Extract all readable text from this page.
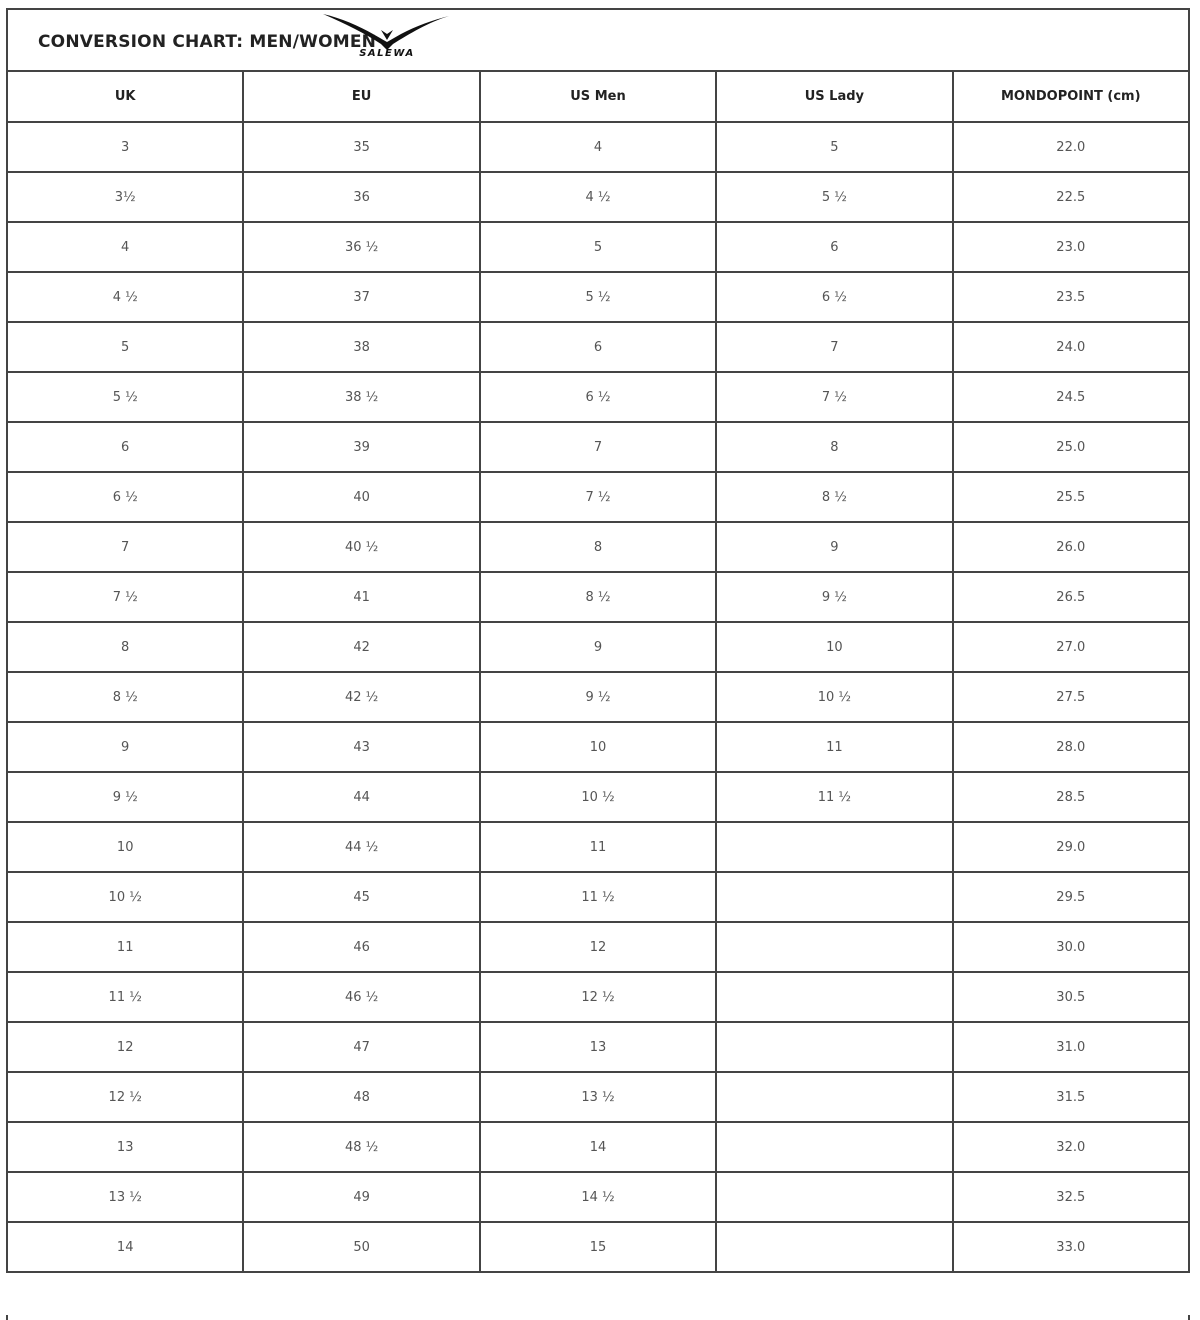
CONVERSION CHART: MEN/WOMEN
SALEWA
UK	EU	US Men	US Lady	MONDOPOINT (cm)
3	35	4	5	22.0
3½	36	4 ½	5 ½	22.5
4	36 ½	5	6	23.0
4 ½	37	5 ½	6 ½	23.5
5	38	6	7	24.0
5 ½	38 ½	6 ½	7 ½	24.5
6	39	7	8	25.0
6 ½	40	7 ½	8 ½	25.5
7	40 ½	8	9	26.0
7 ½	41	8 ½	9 ½	26.5
8	42	9	10	27.0
8 ½	42 ½	9 ½	10 ½	27.5
9	43	10	11	28.0
9 ½	44	10 ½	11 ½	28.5
10	44 ½	11		29.0
10 ½	45	11 ½		29.5
11	46	12		30.0
11 ½	46 ½	12 ½		30.5
12	47	13		31.0
12 ½	48	13 ½		31.5
13	48 ½	14		32.0
13 ½	49	14 ½		32.5
14	50	15		33.0
